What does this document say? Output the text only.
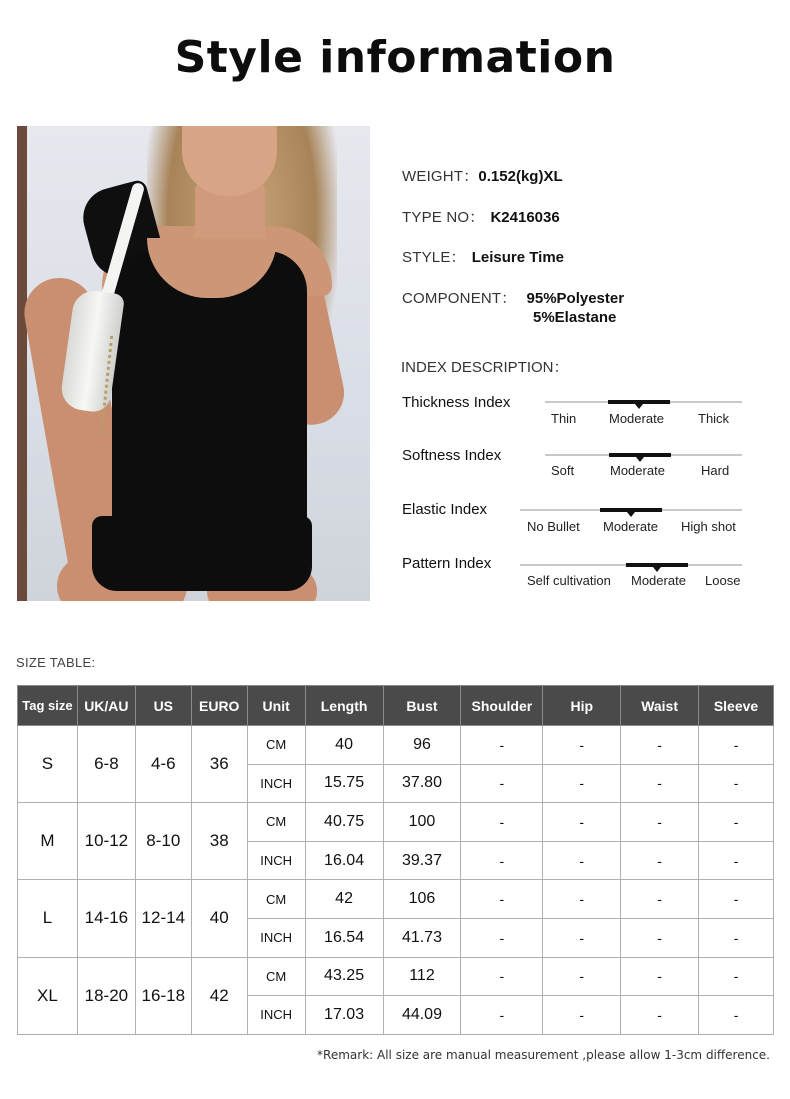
Style information
WEIGHT：0.152(kg)XL
TYPE NO： K2416036
STYLE： Leisure Time
COMPONENT： 95%Polyester
5%Elastane
INDEX DESCRIPTION：
Thickness Index
Thin	Moderate	Thick
Softness Index
Soft	Moderate	Hard
Elastic Index
No Bullet Moderate High shot
Pattern Index
Self cultivation Moderate Loose
SIZE TABLE:
Tag size	UK/AU	US	EURO	Unit	Length	Bust	Shoulder	Hip	Waist	Sleeve
S	6-8	4-6	36	CM	40	96	-	-	-	-
				INCH	15.75	37.80	-	-	-	-
M	10-12	8-10	38	CM	40.75	100	-	-	-	-
				INCH	16.04	39.37	-	-	-	-
L	14-16	12-14	40	CM	42	106	-	-	-	-
				INCH	16.54	41.73	-	-	-	-
XL	18-20	16-18	42	CM	43.25	112	-	-	-	-
				INCH	17.03	44.09	-	-	-	-
*Remark: All size are manual measurement ,please allow 1-3cm difference.
